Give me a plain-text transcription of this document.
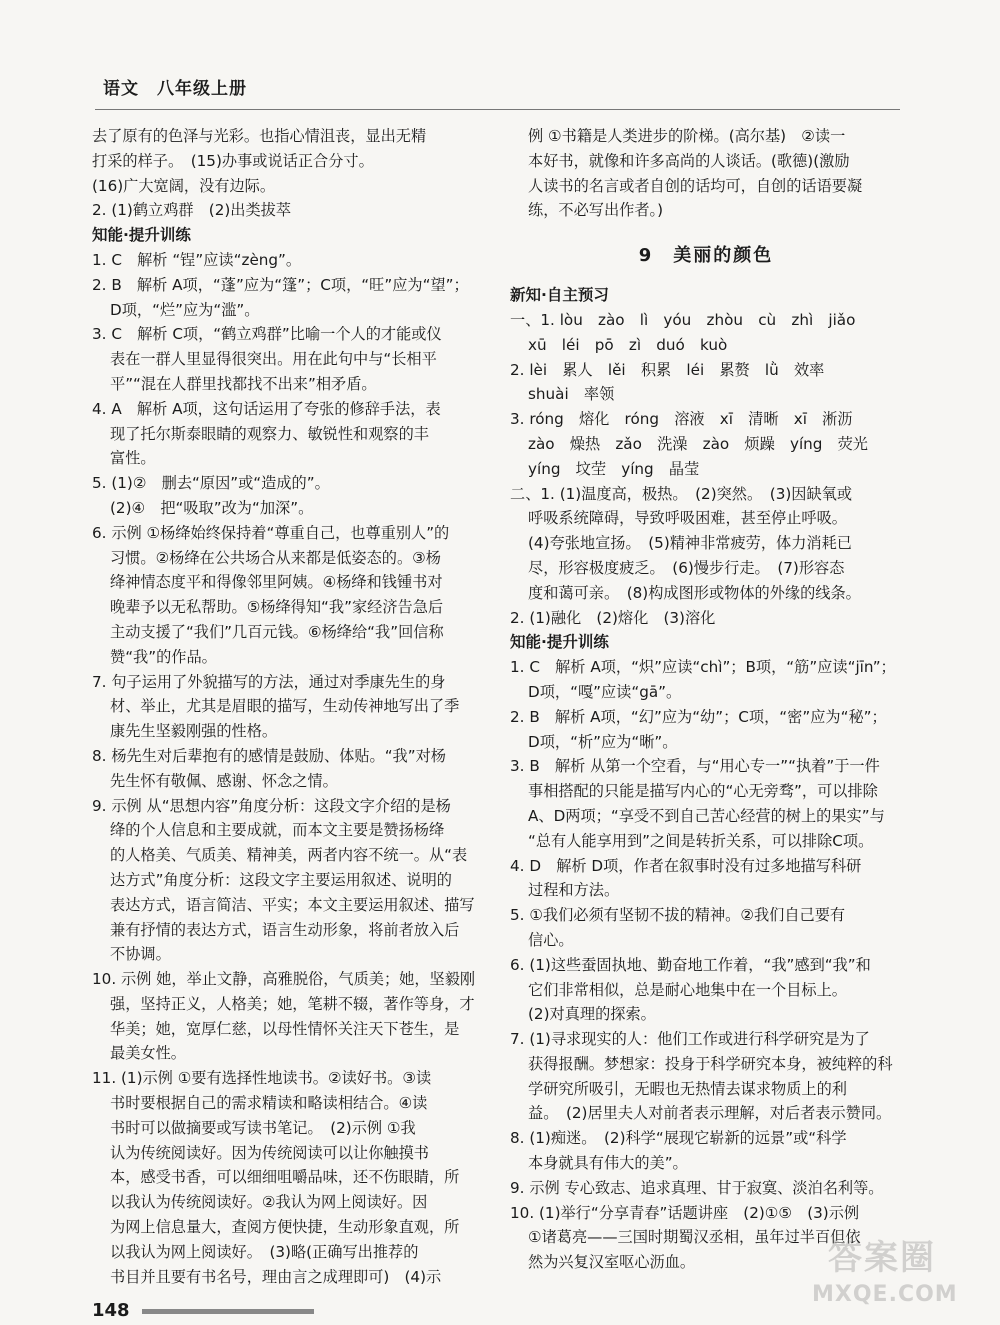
语文　八年级上册
去了原有的色泽与光彩。也指心情沮丧，显出无精
打采的样子。　(15)办事或说话正合分寸。
(16)广大宽阔，没有边际。
2. (1)鹤立鸡群　(2)出类拔萃
知能·提升训练
1. C　解析 “锃”应读“zèng”。
2. B　解析 A项，“蓬”应为“篷”；C项，“旺”应为“望”；
D项，“烂”应为“滥”。
3. C　解析 C项，“鹤立鸡群”比喻一个人的才能或仪
表在一群人里显得很突出。用在此句中与“长相平
平”“混在人群里找都找不出来”相矛盾。
4. A　解析 A项，这句话运用了夸张的修辞手法，表
现了托尔斯泰眼睛的观察力、敏锐性和观察的丰
富性。
5. (1)②　删去“原因”或“造成的”。
(2)④　把“吸取”改为“加深”。
6. 示例 ①杨绛始终保持着“尊重自己，也尊重别人”的
习惯。②杨绛在公共场合从来都是低姿态的。③杨
绛神情态度平和得像邻里阿姨。④杨绛和钱锺书对
晚辈予以无私帮助。⑤杨绛得知“我”家经济告急后
主动支援了“我们”几百元钱。⑥杨绛给“我”回信称
赞“我”的作品。
7. 句子运用了外貌描写的方法，通过对季康先生的身
材、举止，尤其是眉眼的描写，生动传神地写出了季
康先生坚毅刚强的性格。
8. 杨先生对后辈抱有的感情是鼓励、体贴。“我”对杨
先生怀有敬佩、感谢、怀念之情。
9. 示例 从“思想内容”角度分析：这段文字介绍的是杨
绛的个人信息和主要成就，而本文主要是赞扬杨绛
的人格美、气质美、精神美，两者内容不统一。从“表
达方式”角度分析：这段文字主要运用叙述、说明的
表达方式，语言简洁、平实；本文主要运用叙述、描写
兼有抒情的表达方式，语言生动形象，将前者放入后
不协调。
10. 示例 她，举止文静，高雅脱俗，气质美；她，坚毅刚
强，坚持正义，人格美；她，笔耕不辍，著作等身，才
华美；她，宽厚仁慈，以母性情怀关注天下苍生，是
最美女性。
11. (1)示例 ①要有选择性地读书。②读好书。③读
书时要根据自己的需求精读和略读相结合。④读
书时可以做摘要或写读书笔记。　(2)示例 ①我
认为传统阅读好。因为传统阅读可以让你触摸书
本，感受书香，可以细细咀嚼品味，还不伤眼睛，所
以我认为传统阅读好。②我认为网上阅读好。因
为网上信息量大，查阅方便快捷，生动形象直观，所
以我认为网上阅读好。　(3)略(正确写出推荐的
书目并且要有书名号，理由言之成理即可)　(4)示
例 ①书籍是人类进步的阶梯。(高尔基)　②读一
本好书，就像和许多高尚的人谈话。(歌德)(激励
人读书的名言或者自创的话均可，自创的话语要凝
练，不必写出作者。)
9　美丽的颜色
新知·自主预习
一、1. lòu　zào　lì　yóu　zhòu　cù　zhì　jiǎo
xū　léi　pō　zì　duó　kuò
2. lèi　累人　lěi　积累　léi　累赘　lǜ　效率
shuài　率领
3. róng　熔化　róng　溶液　xī　清晰　xī　淅沥
zào　燥热　zǎo　洗澡　zào　烦躁　yíng　荧光
yíng　坟茔　yíng　晶莹
二、1. (1)温度高，极热。　(2)突然。　(3)因缺氧或
呼吸系统障碍，导致呼吸困难，甚至停止呼吸。
(4)夸张地宣扬。　(5)精神非常疲劳，体力消耗已
尽，形容极度疲乏。　(6)慢步行走。　(7)形容态
度和蔼可亲。　(8)构成图形或物体的外缘的线条。
2. (1)融化　(2)熔化　(3)溶化
知能·提升训练
1. C　解析 A项，“炽”应读“chì”；B项，“筋”应读“jīn”；
D项，“嘎”应读“gā”。
2. B　解析 A项，“幻”应为“幼”；C项，“密”应为“秘”；
D项，“析”应为“晰”。
3. B　解析 从第一个空看，与“用心专一”“执着”于一件
事相搭配的只能是描写内心的“心无旁骛”，可以排除
A、D两项；“享受不到自己苦心经营的树上的果实”与
“总有人能享用到”之间是转折关系，可以排除C项。
4. D　解析 D项，作者在叙事时没有过多地描写科研
过程和方法。
5. ①我们必须有坚韧不拔的精神。②我们自己要有
信心。
6. (1)这些蚕固执地、勤奋地工作着，“我”感到“我”和
它们非常相似，总是耐心地集中在一个目标上。
(2)对真理的探索。
7. (1)寻求现实的人：他们工作或进行科学研究是为了
获得报酬。梦想家：投身于科学研究本身，被纯粹的科
学研究所吸引，无暇也无热情去谋求物质上的利
益。　(2)居里夫人对前者表示理解，对后者表示赞同。
8. (1)痴迷。　(2)科学“展现它崭新的远景”或“科学
本身就具有伟大的美”。
9. 示例 专心致志、追求真理、甘于寂寞、淡泊名利等。
10. (1)举行“分享青春”话题讲座　(2)①⑤　(3)示例
①诸葛亮——三国时期蜀汉丞相，虽年过半百但依
然为兴复汉室呕心沥血。
148
答案圈
MXQE.COM
